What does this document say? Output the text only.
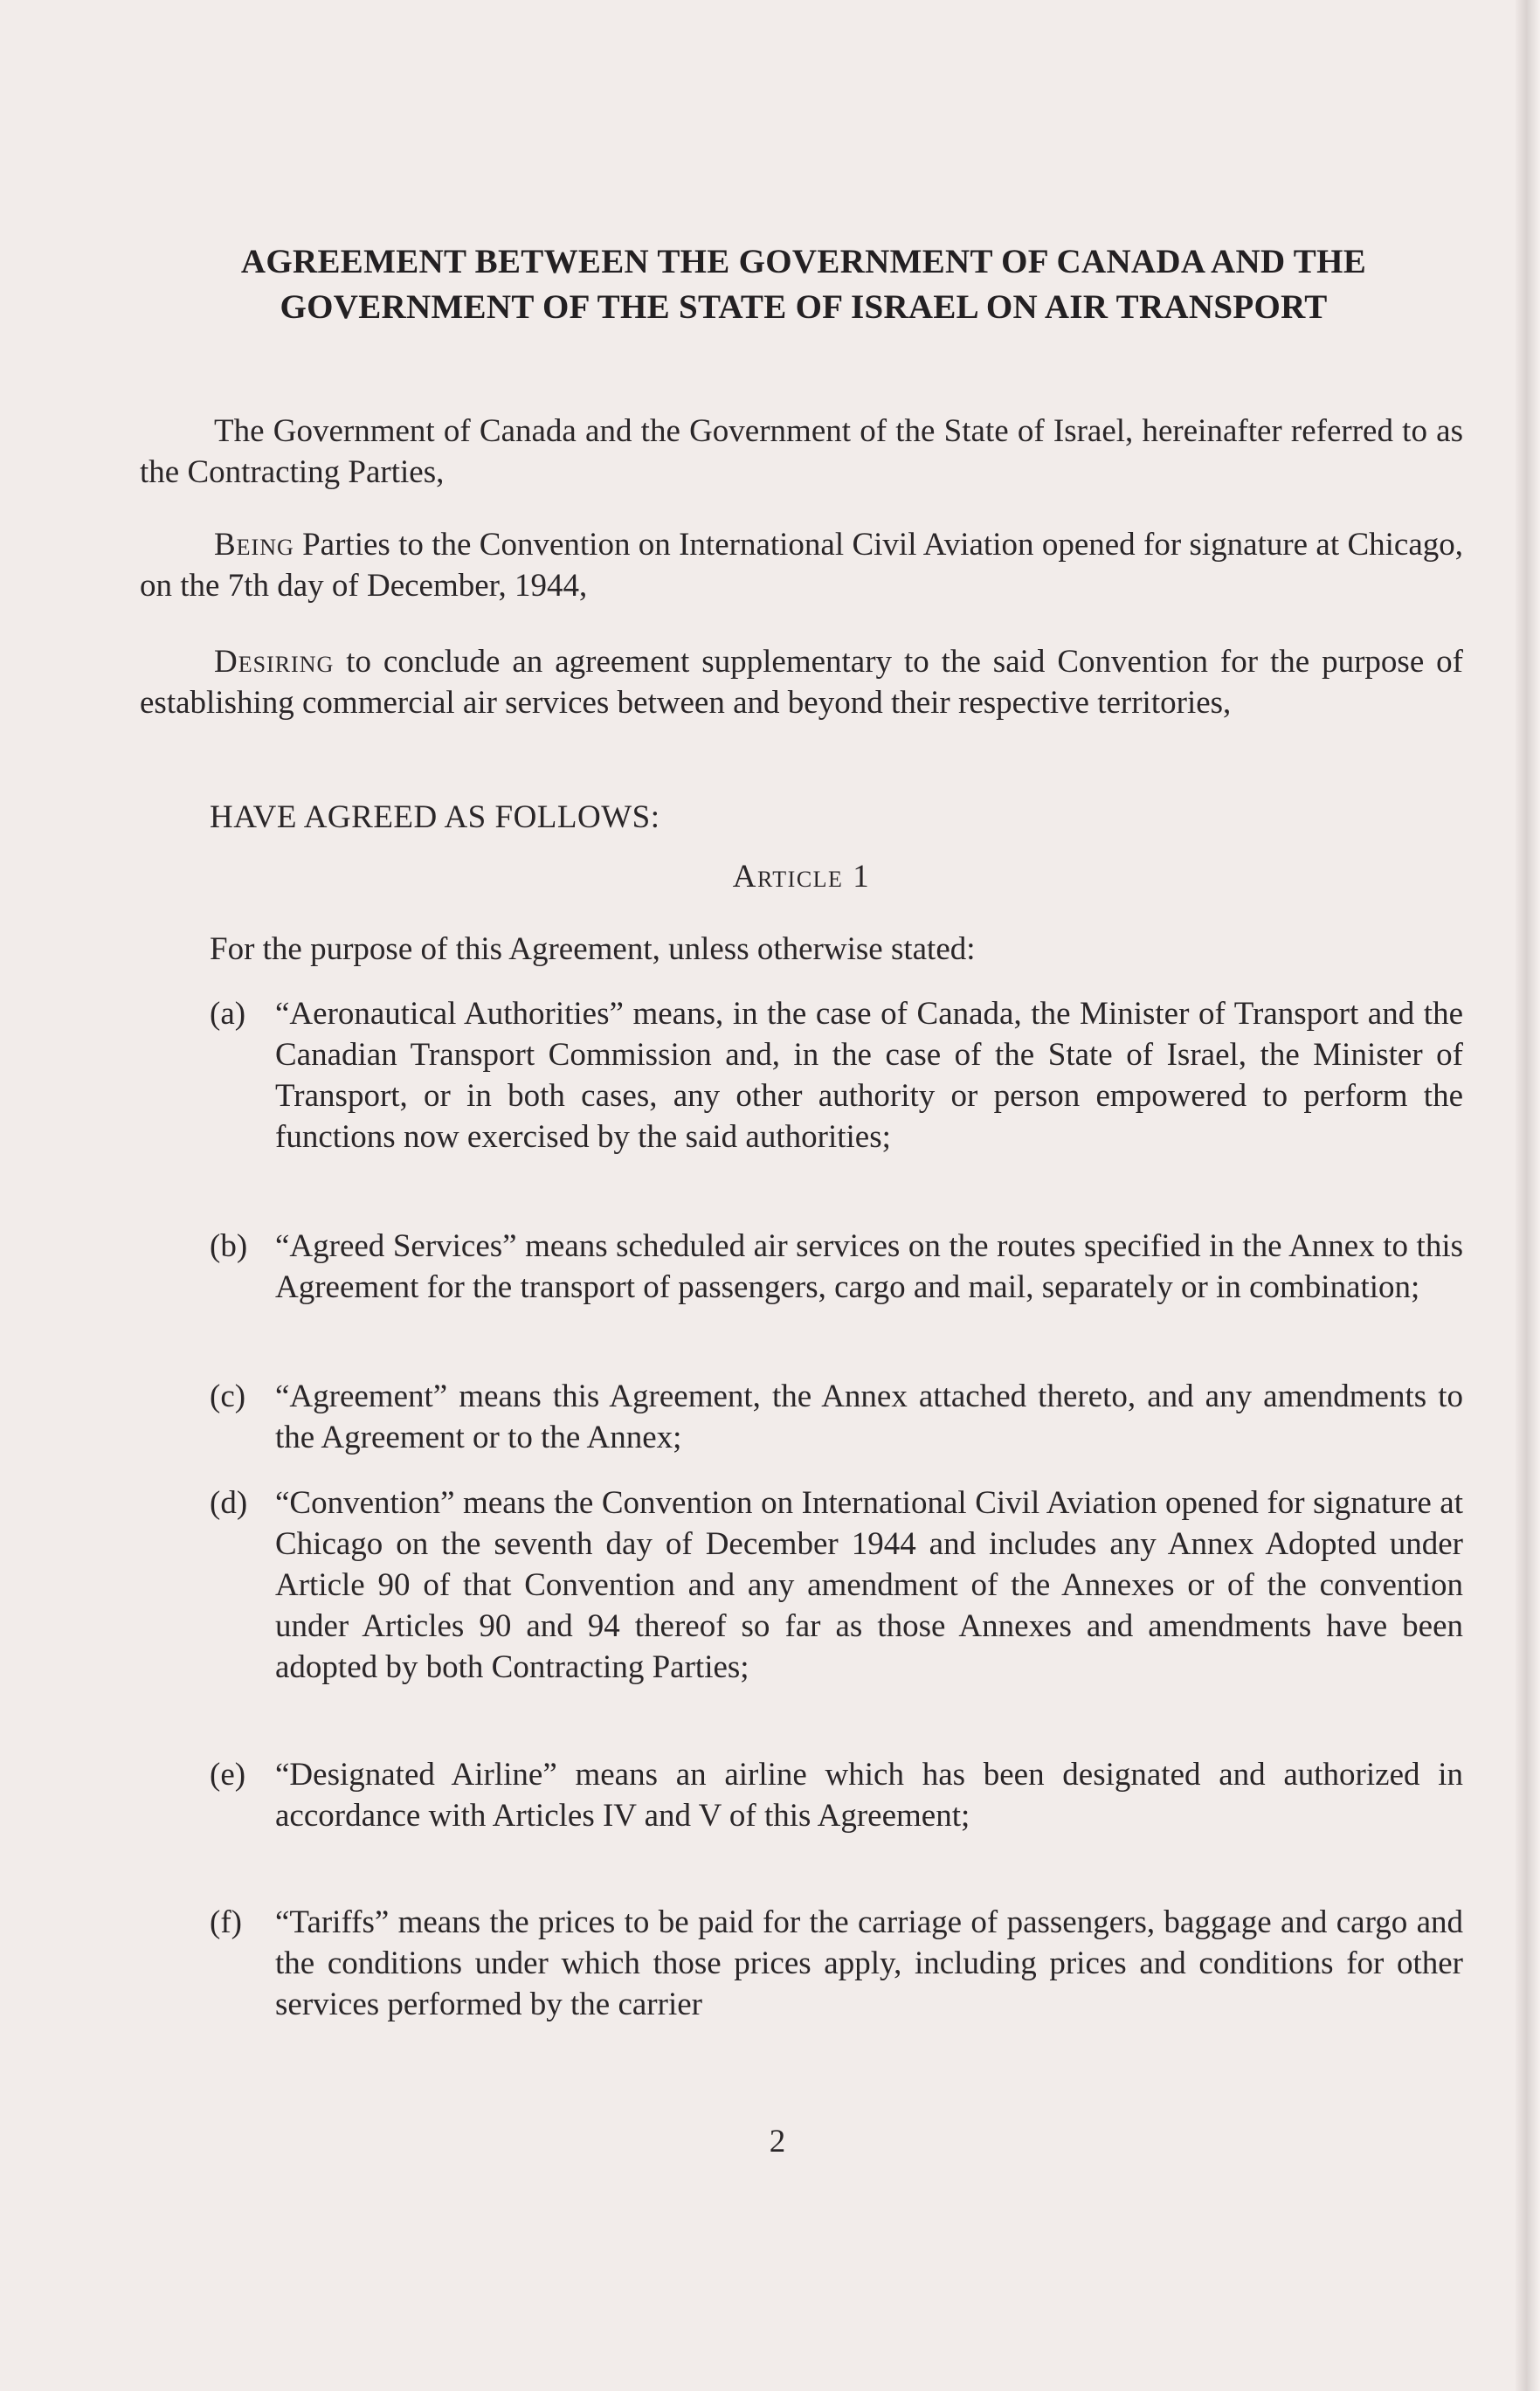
AGREEMENT BETWEEN THE GOVERNMENT OF CANADA AND THE
GOVERNMENT OF THE STATE OF ISRAEL ON AIR TRANSPORT
The Government of Canada and the Government of the State of Israel, hereinafter referred to as the Contracting Parties,
Being Parties to the Convention on International Civil Aviation opened for signature at Chicago, on the 7th day of December, 1944,
Desiring to conclude an agreement supplementary to the said Convention for the purpose of establishing commercial air services between and beyond their respective territories,
HAVE AGREED AS FOLLOWS:
Article 1
For the purpose of this Agreement, unless otherwise stated:
(a) “Aeronautical Authorities” means, in the case of Canada, the Minister of Transport and the Canadian Transport Commission and, in the case of the State of Israel, the Minister of Transport, or in both cases, any other authority or person empowered to perform the functions now exercised by the said authorities;
(b) “Agreed Services” means scheduled air services on the routes specified in the Annex to this Agreement for the transport of passengers, cargo and mail, separately or in combination;
(c) “Agreement” means this Agreement, the Annex attached thereto, and any amendments to the Agreement or to the Annex;
(d) “Convention” means the Convention on International Civil Aviation opened for signature at Chicago on the seventh day of December 1944 and includes any Annex Adopted under Article 90 of that Convention and any amendment of the Annexes or of the convention under Articles 90 and 94 thereof so far as those Annexes and amendments have been adopted by both Contracting Parties;
(e) “Designated Airline” means an airline which has been designated and authorized in accordance with Articles IV and V of this Agreement;
(f)	“Tariffs” means the prices to be paid for the carriage of passengers, baggage and cargo and the conditions under which those prices apply, including prices and conditions for other services performed by the carrier
2
